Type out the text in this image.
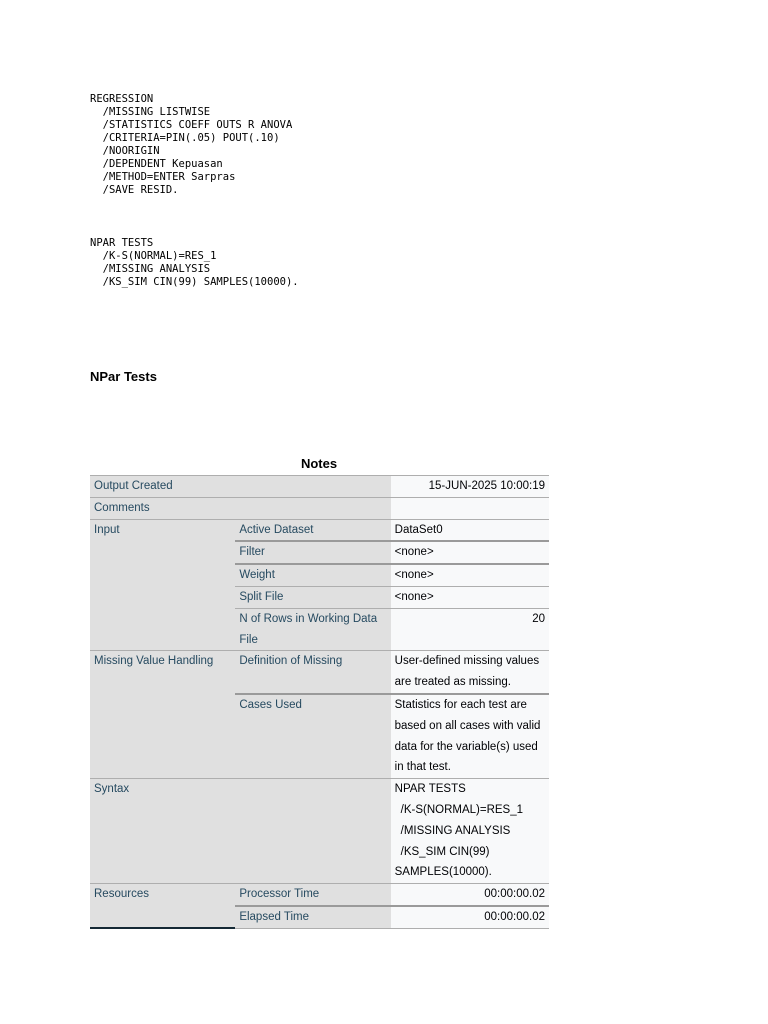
REGRESSION
/MISSING LISTWISE
/STATISTICS COEFF OUTS R ANOVA
/CRITERIA=PIN(.05) POUT(.10)
/NOORIGIN
/DEPENDENT Kepuasan
/METHOD=ENTER Sarpras
/SAVE RESID.
NPAR TESTS
/K-S(NORMAL)=RES_1
/MISSING ANALYSIS
/KS_SIM CIN(99) SAMPLES(10000).
NPar Tests
Notes
Output Created		15-JUN-2025 10:00:19
Comments		
Input	Active Dataset	DataSet0
	Filter	<none>
	Weight	<none>
	Split File	<none>
	N of Rows in Working Data File	20
Missing Value Handling	Definition of Missing	User-defined missing values are treated as missing.
	Cases Used	Statistics for each test are based on all cases with valid data for the variable(s) used in that test.
Syntax		NPAR TESTS
/K-S(NORMAL)=RES_1
/MISSING ANALYSIS
/KS_SIM CIN(99)
SAMPLES(10000).

Resources	Processor Time	00:00:00.02
	Elapsed Time	00:00:00.02
